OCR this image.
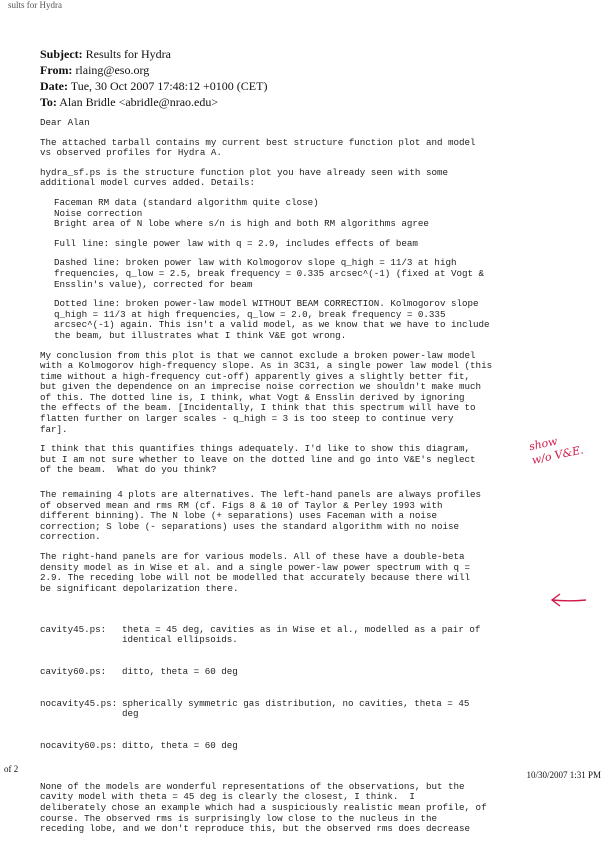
sults for Hydra
Subject: Results for Hydra
From: rlaing@eso.org
Date: Tue, 30 Oct 2007 17:48:12 +0100 (CET)
To: Alan Bridle <abridle@nrao.edu>
Dear Alan
The attached tarball contains my current best structure function plot and model
vs observed profiles for Hydra A.
hydra_sf.ps is the structure function plot you have already seen with some
additional model curves added. Details:
Faceman RM data (standard algorithm quite close)
Noise correction
Bright area of N lobe where s/n is high and both RM algorithms agree
Full line: single power law with q = 2.9, includes effects of beam
Dashed line: broken power law with Kolmogorov slope q_high = 11/3 at high
frequencies, q_low = 2.5, break frequency = 0.335 arcsec^(-1) (fixed at Vogt &
Ensslin's value), corrected for beam
Dotted line: broken power-law model WITHOUT BEAM CORRECTION. Kolmogorov slope
q_high = 11/3 at high frequencies, q_low = 2.0, break frequency = 0.335
arcsec^(-1) again. This isn't a valid model, as we know that we have to include
the beam, but illustrates what I think V&E got wrong.
My conclusion from this plot is that we cannot exclude a broken power-law model
with a Kolmogorov high-frequency slope. As in 3C31, a single power law model (this
time without a high-frequency cut-off) apparently gives a slightly better fit,
but given the dependence on an imprecise noise correction we shouldn't make much
of this. The dotted line is, I think, what Vogt & Ensslin derived by ignoring
the effects of the beam. [Incidentally, I think that this spectrum will have to
flatten further on larger scales - q_high = 3 is too steep to continue very
far].
I think that this quantifies things adequately. I'd like to show this diagram,
but I am not sure whether to leave on the dotted line and go into V&E's neglect
of the beam.  What do you think?
The remaining 4 plots are alternatives. The left-hand panels are always profiles
of observed mean and rms RM (cf. Figs 8 & 10 of Taylor & Perley 1993 with
different binning). The N lobe (+ separations) uses Faceman with a noise
correction; S lobe (- separations) uses the standard algorithm with no noise
correction.
The right-hand panels are for various models. All of these have a double-beta
density model as in Wise et al. and a single power-law power spectrum with q =
2.9. The receding lobe will not be modelled that accurately because there will
be significant depolarization there.

cavity45.ps:	theta = 45 deg, cavities as in Wise et al., modelled as a pair of
identical ellipsoids.

cavity60.ps:	ditto, theta = 60 deg

nocavity45.ps: spherically symmetric gas distribution, no cavities, theta = 45
deg

nocavity60.ps: ditto, theta = 60 deg

None of the models are wonderful representations of the observations, but the
cavity model with theta = 45 deg is clearly the closest, I think.  I
deliberately chose an example which had a suspiciously realistic mean profile, of
course. The observed rms is surprisingly low close to the nucleus in the
receding lobe, and we don't reproduce this, but the observed rms does decrease
show
w/o V&E.
of 2
10/30/2007 1:31 PM
